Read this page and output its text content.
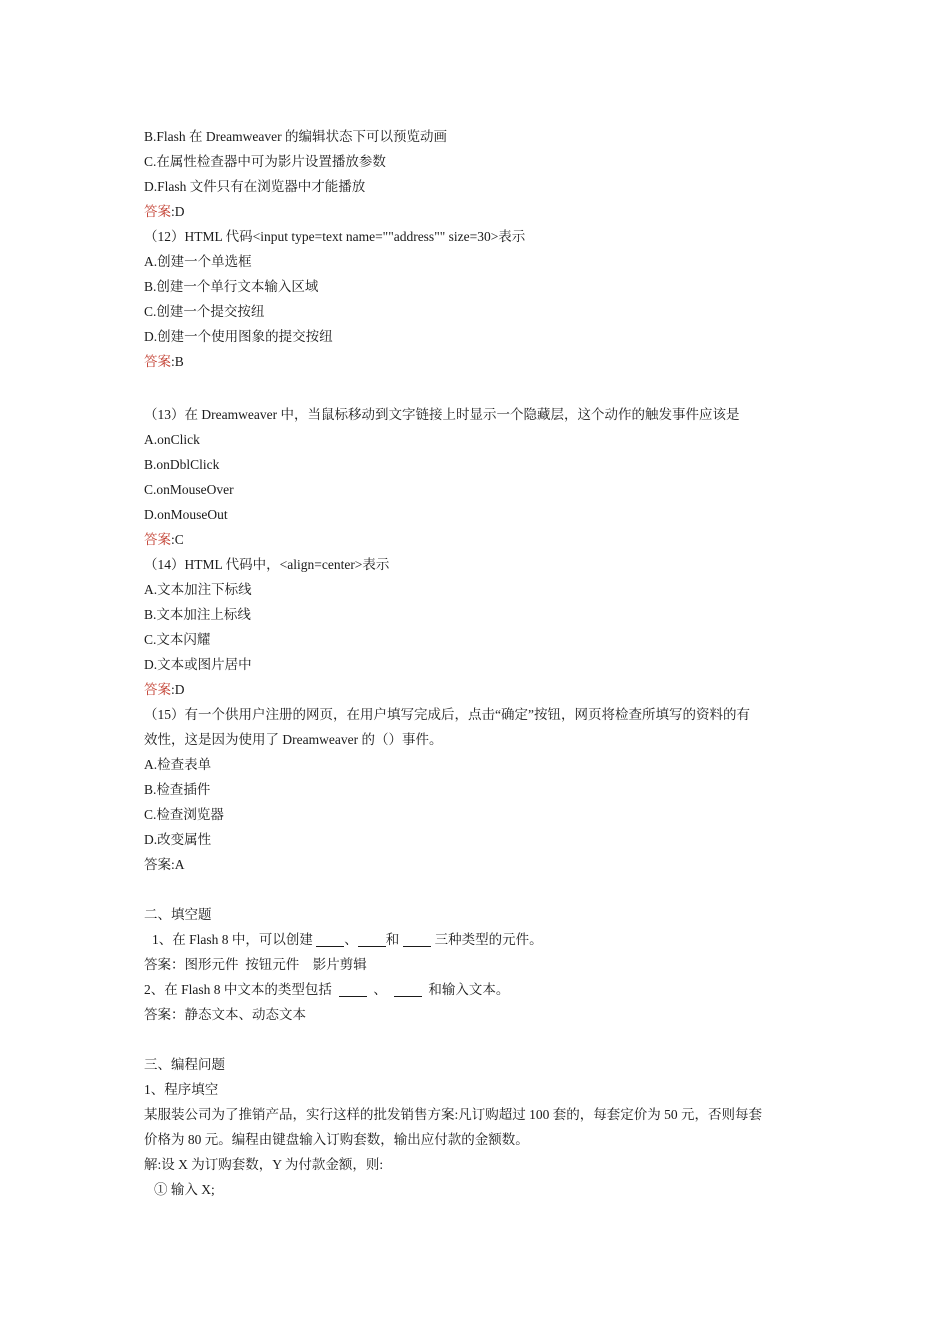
B.Flash 在 Dreamweaver 的编辑状态下可以预览动画
C.在属性检查器中可为影片设置播放参数
D.Flash 文件只有在浏览器中才能播放
答案:D
（12）HTML 代码<input type=text name=""address"" size=30>表示
A.创建一个单选框
B.创建一个单行文本输入区域
C.创建一个提交按纽
D.创建一个使用图象的提交按纽
答案:B
（13）在 Dreamweaver 中，当鼠标移动到文字链接上时显示一个隐藏层，这个动作的触发事件应该是
A.onClick
B.onDblClick
C.onMouseOver
D.onMouseOut
答案:C
（14）HTML 代码中，<align=center>表示
A.文本加注下标线
B.文本加注上标线
C.文本闪耀
D.文本或图片居中
答案:D
（15）有一个供用户注册的网页，在用户填写完成后，点击“确定”按钮，网页将检查所填写的资料的有
效性，这是因为使用了 Dreamweaver 的（）事件。
A.检查表单
B.检查插件
C.检查浏览器
D.改变属性
答案:A
二、填空题
1、在 Flash 8 中，可以创建 、 和 三种类型的元件。
答案：图形元件  按钮元件    影片剪辑
2、在 Flash 8 中文本的类型包括    、    和输入文本。
答案：静态文本、动态文本
三、编程问题
1、程序填空
某服装公司为了推销产品，实行这样的批发销售方案:凡订购超过 100 套的，每套定价为 50 元，否则每套
价格为 80 元。编程由键盘输入订购套数，输出应付款的金额数。
解:设 X 为订购套数，Y 为付款金额，则:
① 输入 X;
